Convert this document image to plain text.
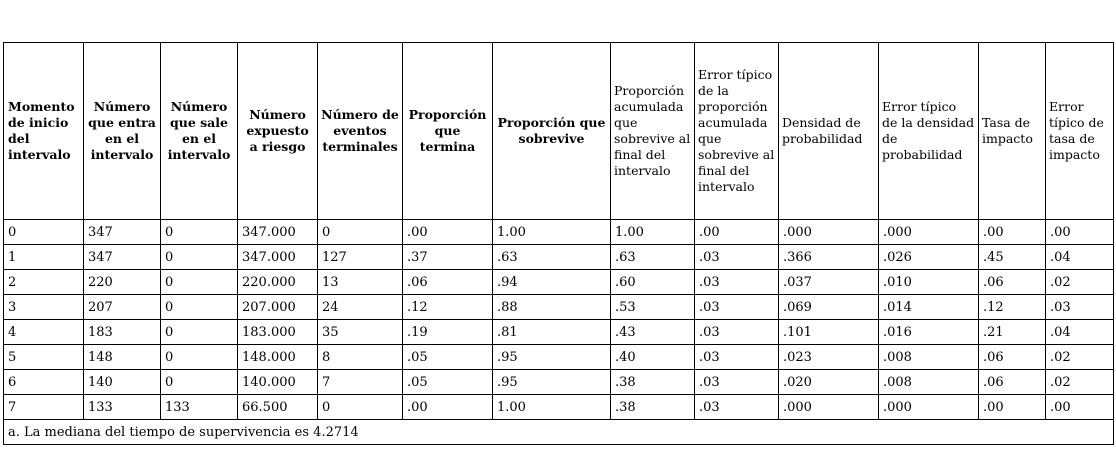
Momento de inicio del intervalo	Número que entra en el intervalo	Número que sale en el intervalo	Número expuesto a riesgo	Número de eventos terminales	Proporción que termina	Proporción que sobrevive	Proporción acumulada que sobrevive al final del intervalo	Error típico de la proporción acumulada que sobrevive al final del intervalo	Densidad de probabilidad	Error típico de la densidad de probabilidad	Tasa de impacto	Error típico de tasa de impacto
0	347	0	347.000	0	.00	1.00	1.00	.00	.000	.000	.00	.00
1	347	0	347.000	127	.37	.63	.63	.03	.366	.026	.45	.04
2	220	0	220.000	13	.06	.94	.60	.03	.037	.010	.06	.02
3	207	0	207.000	24	.12	.88	.53	.03	.069	.014	.12	.03
4	183	0	183.000	35	.19	.81	.43	.03	.101	.016	.21	.04
5	148	0	148.000	8	.05	.95	.40	.03	.023	.008	.06	.02
6	140	0	140.000	7	.05	.95	.38	.03	.020	.008	.06	.02
7	133	133	66.500	0	.00	1.00	.38	.03	.000	.000	.00	.00
a. La mediana del tiempo de supervivencia es 4.2714												
